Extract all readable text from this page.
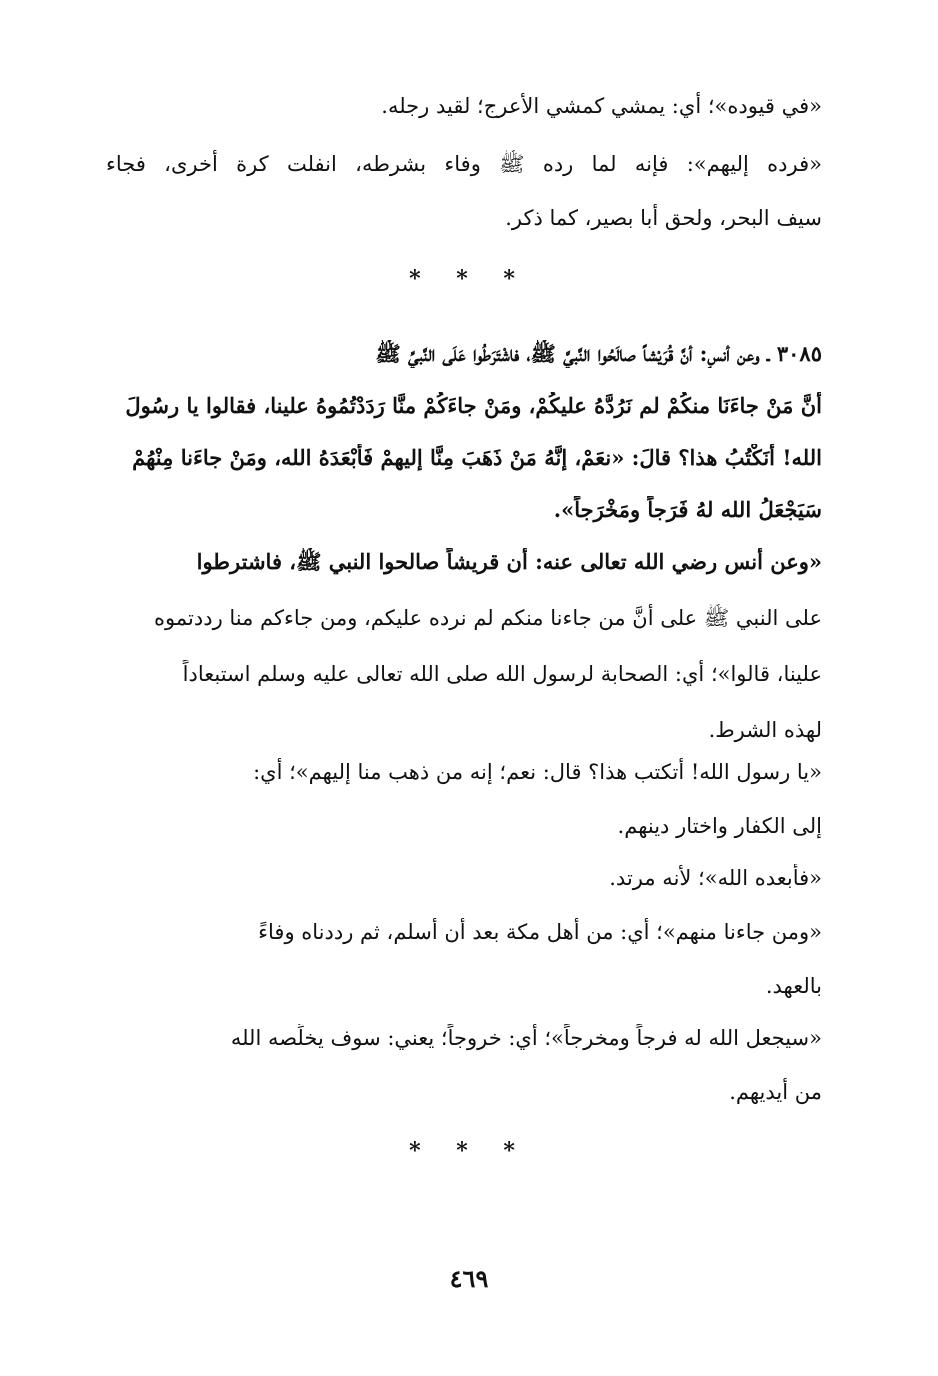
«في قيوده»؛ أي: يمشي كمشي الأعرج؛ لقيد رجله.
«فرده إليهم»: فإنه لما رده ﷺ وفاء بشرطه، انفلت كرة أخرى، فجاء
سيف البحر، ولحق أبا بصير، كما ذكر.
* * *
٣٠٨٥ ـ وعن أنسٍ: أنَّ قُرَيْشاً صالَحُوا النَّبيَّ ﷺ، فاشْتَرَطُوا عَلَى النَّبيِّ ﷺ
أنَّ مَنْ جاءَنَا منكُمْ لم نَرُدَّهُ عليكُمْ، ومَنْ جاءَكُمْ منَّا رَدَدْتُمُوهُ علينا، فقالوا يا رسُولَ
الله! أنَكْتُبُ هذا؟ قالَ: «نعَمْ، إنَّهُ مَنْ ذَهَبَ مِنَّا إليهمْ فَأَبْعَدَهُ الله، ومَنْ جاءَنا مِنْهُمْ
سَيَجْعَلُ الله لهُ فَرَجاً ومَخْرَجاً».
«وعن أنس رضي الله تعالى عنه: أن قريشاً صالحوا النبي ﷺ، فاشترطوا
على النبي ﷺ على أنَّ من جاءنا منكم لم نرده عليكم، ومن جاءكم منا رددتموه
علينا، قالوا»؛ أي: الصحابة لرسول الله صلى الله تعالى عليه وسلم استبعاداً
لهذه الشرط.
«يا رسول الله! أتكتب هذا؟ قال: نعم؛ إنه من ذهب منا إليهم»؛ أي:
إلى الكفار واختار دينهم.
«فأبعده الله»؛ لأنه مرتد.
«ومن جاءنا منهم»؛ أي: من أهل مكة بعد أن أسلم، ثم رددناه وفاءً
بالعهد.
«سيجعل الله له فرجاً ومخرجاً»؛ أي: خروجاً؛ يعني: سوف يخلِّصه الله
من أيديهم.
* * *
٤٦٩
